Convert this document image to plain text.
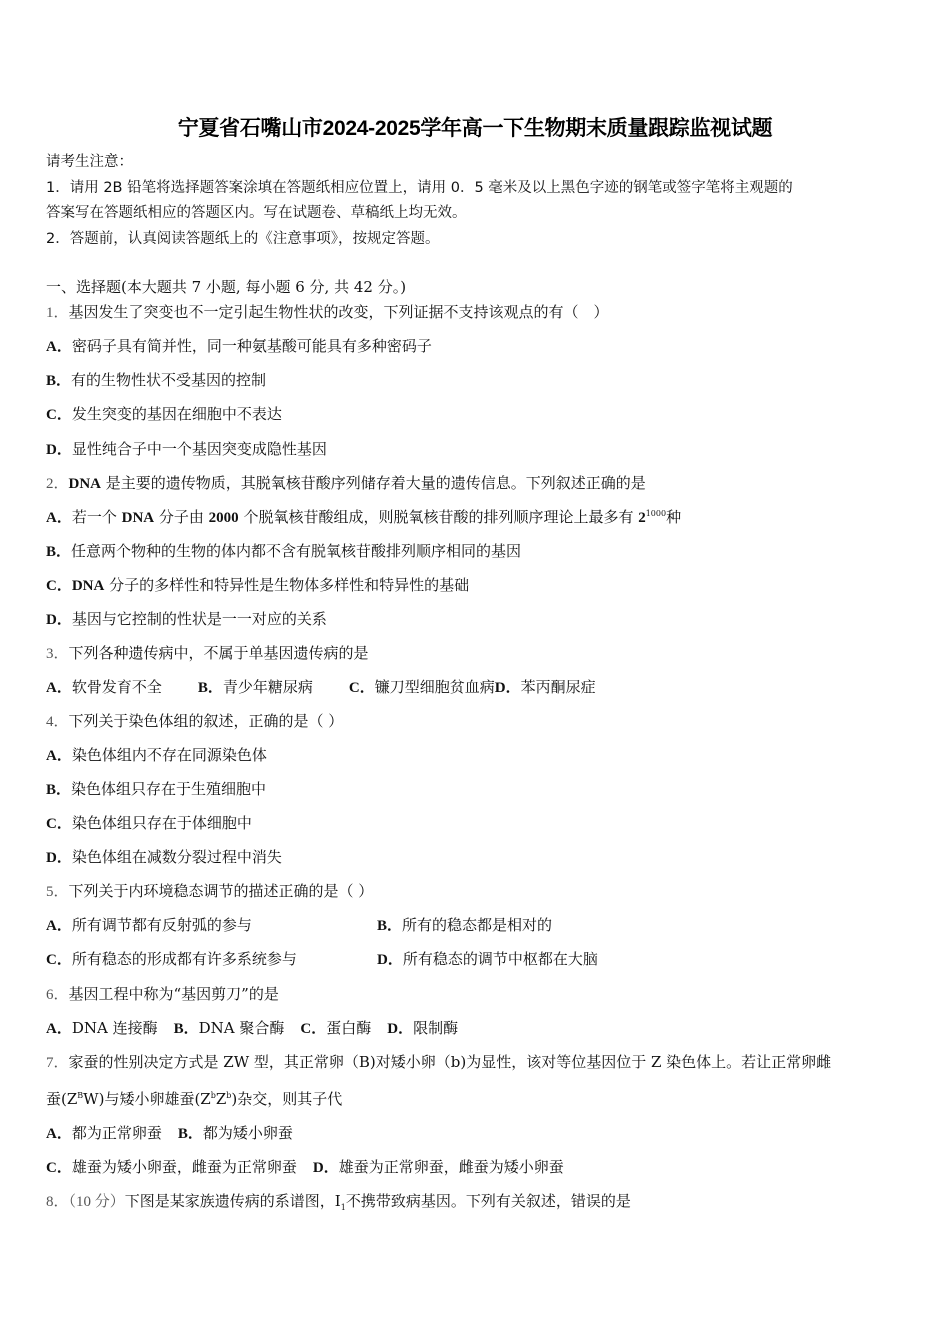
宁夏省石嘴山市2024-2025学年高一下生物期末质量跟踪监视试题
请考生注意：
1．请用 2B 铅笔将选择题答案涂填在答题纸相应位置上，请用 0．5 毫米及以上黑色字迹的钢笔或签字笔将主观题的
答案写在答题纸相应的答题区内。写在试题卷、草稿纸上均无效。
2．答题前，认真阅读答题纸上的《注意事项》，按规定答题。
一、选择题(本大题共 7 小题, 每小题 6 分, 共 42 分。)
1．基因发生了突变也不一定引起生物性状的改变，下列证据不支持该观点的有（　）
A．密码子具有简并性，同一种氨基酸可能具有多种密码子
B．有的生物性状不受基因的控制
C．发生突变的基因在细胞中不表达
D．显性纯合子中一个基因突变成隐性基因
2．DNA 是主要的遗传物质，其脱氧核苷酸序列储存着大量的遗传信息。下列叙述正确的是
A．若一个 DNA 分子由 2000 个脱氧核苷酸组成，则脱氧核苷酸的排列顺序理论上最多有 $2^{1000}$种
B．任意两个物种的生物的体内都不含有脱氧核苷酸排列顺序相同的基因
C．DNA 分子的多样性和特异性是生物体多样性和特异性的基础
D．基因与它控制的性状是一一对应的关系
3．下列各种遗传病中，不属于单基因遗传病的是
A．软骨发育不全 B．青少年糖尿病 C．镰刀型细胞贫血病D．苯丙酮尿症
4．下列关于染色体组的叙述，正确的是（ ）
A．染色体组内不存在同源染色体
B．染色体组只存在于生殖细胞中
C．染色体组只存在于体细胞中
D．染色体组在减数分裂过程中消失
5．下列关于内环境稳态调节的描述正确的是（ ）
A．所有调节都有反射弧的参与	B．所有的稳态都是相对的
C．所有稳态的形成都有许多系统参与	D．所有稳态的调节中枢都在大脑
6．基因工程中称为“基因剪刀”的是
A．DNA 连接酶 B．DNA 聚合酶 C．蛋白酶 D．限制酶
7．家蚕的性别决定方式是 ZW 型，其正常卵（B)对矮小卵（b)为显性，该对等位基因位于 Z 染色体上。若让正常卵雌
蚕$(Z^BW)$与矮小卵雄蚕$(Z^bZ^b)$杂交，则其子代
A．都为正常卵蚕 B．都为矮小卵蚕
C．雄蚕为矮小卵蚕，雌蚕为正常卵蚕 D．雄蚕为正常卵蚕，雌蚕为矮小卵蚕
8．（10 分）下图是某家族遗传病的系谱图，$Ⅰ_1$不携带致病基因。下列有关叙述，错误的是
